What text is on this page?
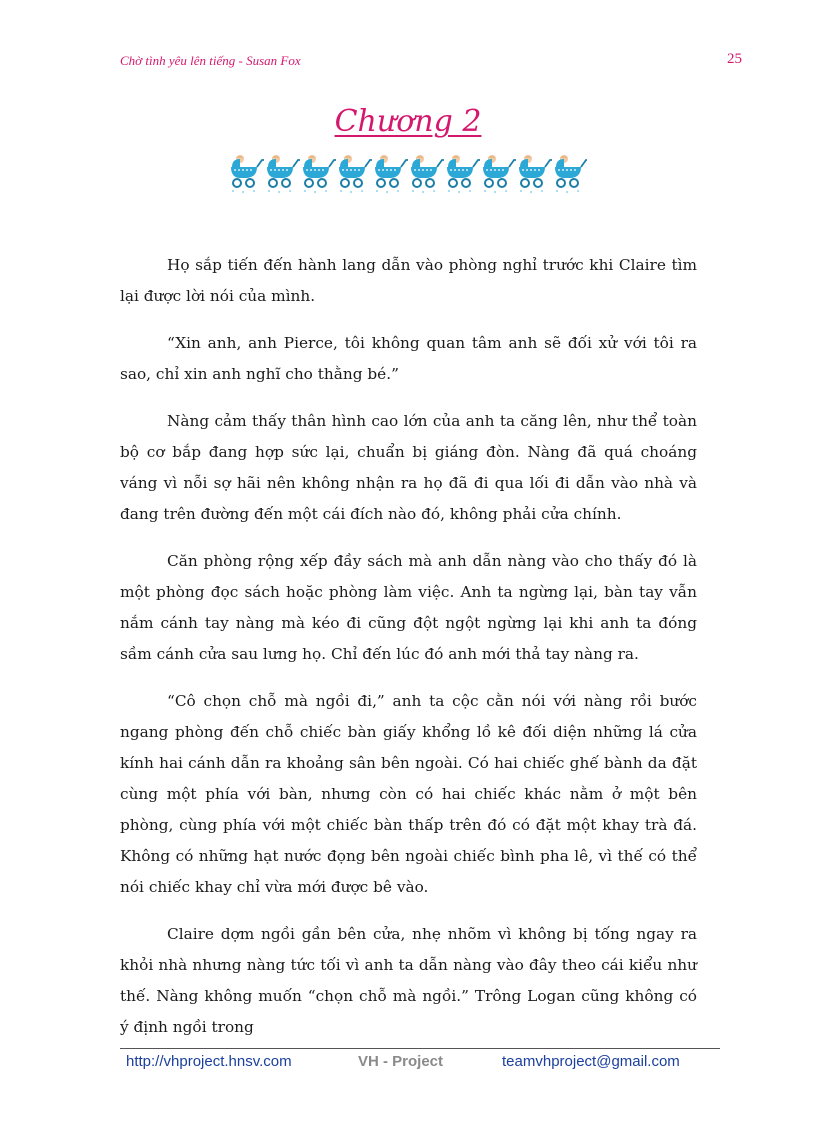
Chờ tình yêu lên tiếng - Susan Fox	25
Chương 2

Họ sắp tiến đến hành lang dẫn vào phòng nghỉ trước khi Claire tìm lại được lời nói của mình.

“Xin anh, anh Pierce, tôi không quan tâm anh sẽ đối xử với tôi ra sao, chỉ xin anh nghĩ cho thằng bé.”

Nàng cảm thấy thân hình cao lớn của anh ta căng lên, như thể toàn bộ cơ bắp đang hợp sức lại, chuẩn bị giáng đòn. Nàng đã quá choáng váng vì nỗi sợ hãi nên không nhận ra họ đã đi qua lối đi dẫn vào nhà và đang trên đường đến một cái đích nào đó, không phải cửa chính.

Căn phòng rộng xếp đầy sách mà anh dẫn nàng vào cho thấy đó là một phòng đọc sách hoặc phòng làm việc. Anh ta ngừng lại, bàn tay vẫn nắm cánh tay nàng mà kéo đi cũng đột ngột ngừng lại khi anh ta đóng sầm cánh cửa sau lưng họ. Chỉ đến lúc đó anh mới thả tay nàng ra.

“Cô chọn chỗ mà ngồi đi,” anh ta cộc cằn nói với nàng rồi bước ngang phòng đến chỗ chiếc bàn giấy khổng lồ kê đối diện những lá cửa kính hai cánh dẫn ra khoảng sân bên ngoài. Có hai chiếc ghế bành da đặt cùng một phía với bàn, nhưng còn có hai chiếc khác nằm ở một bên phòng, cùng phía với một chiếc bàn thấp trên đó có đặt một khay trà đá. Không có những hạt nước đọng bên ngoài chiếc bình pha lê, vì thế có thể nói chiếc khay chỉ vừa mới được bê vào.

Claire dợm ngồi gần bên cửa, nhẹ nhõm vì không bị tống ngay ra khỏi nhà nhưng nàng tức tối vì anh ta dẫn nàng vào đây theo cái kiểu như thế. Nàng không muốn “chọn chỗ mà ngồi.” Trông Logan cũng không có ý định ngồi trong

http://vhproject.hnsv.com	VH - Project	teamvhproject@gmail.com
